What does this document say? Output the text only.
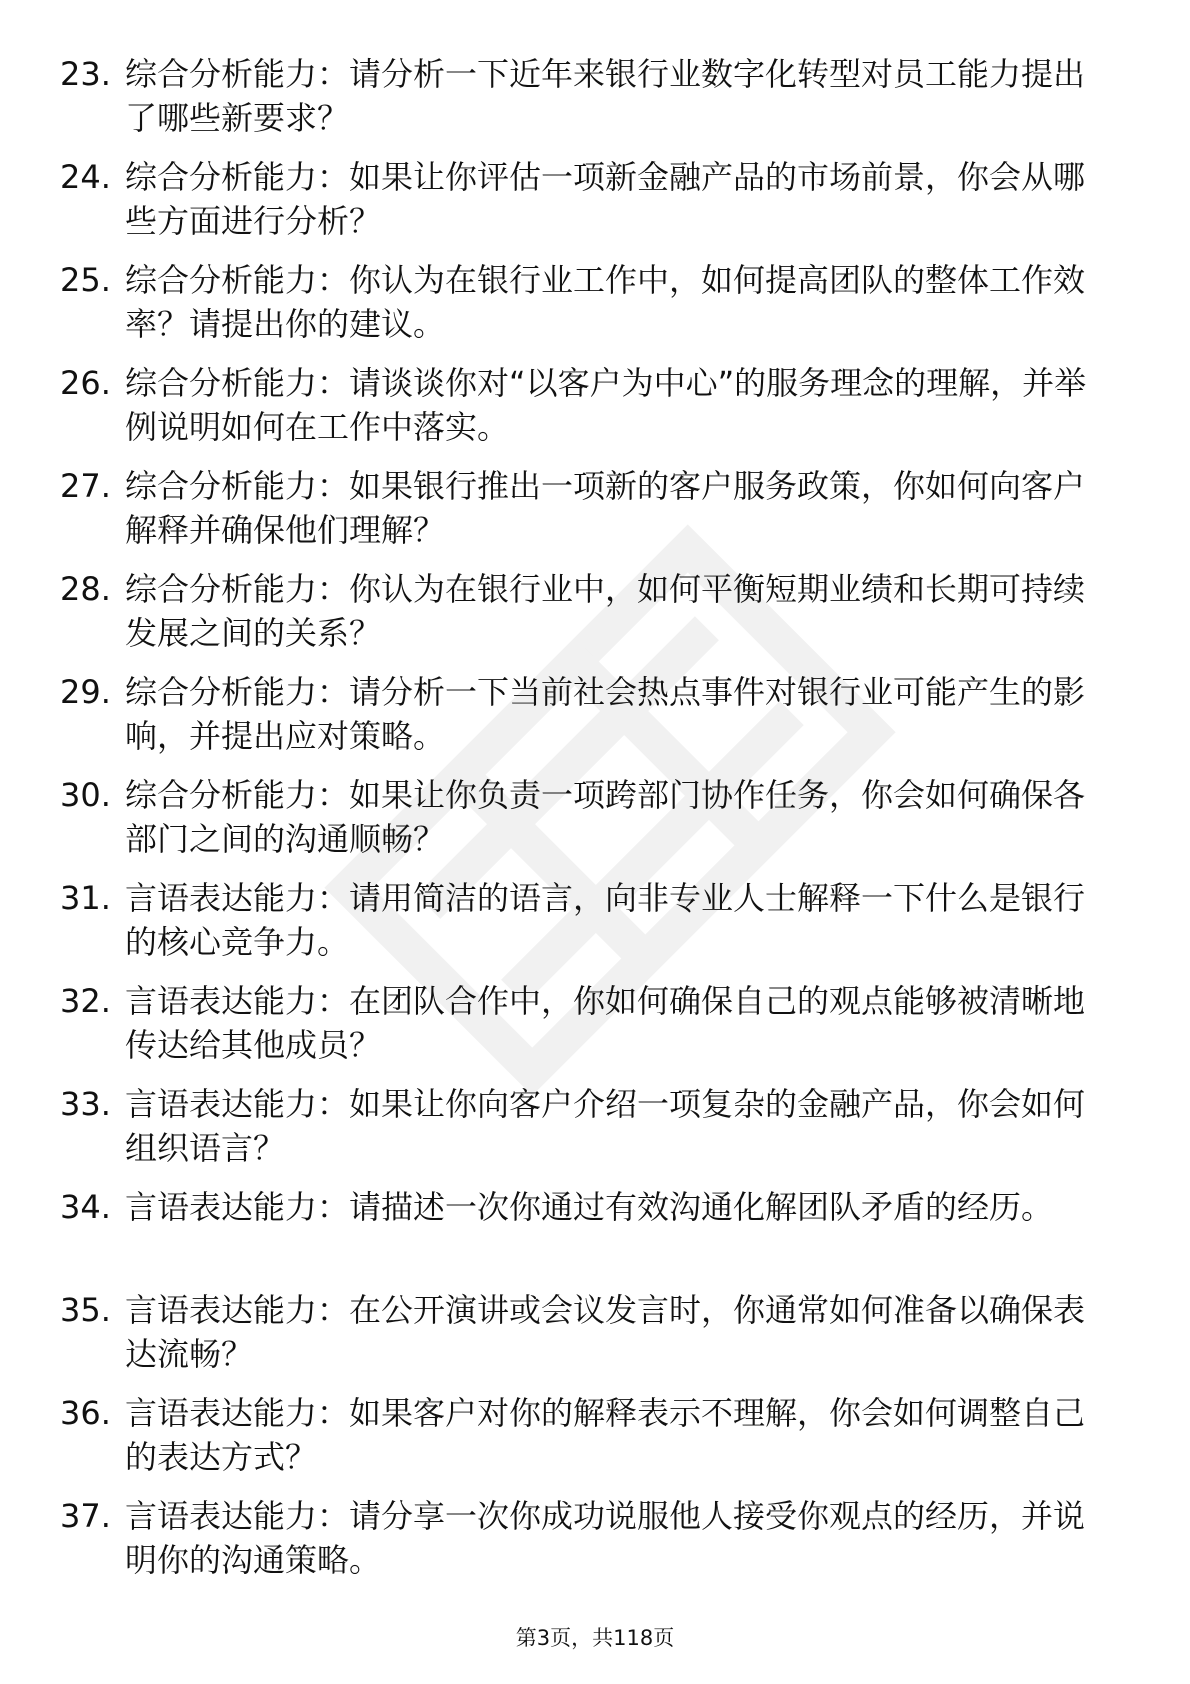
23. 综合分析能力：请分析一下近年来银行业数字化转型对员工能力提出了哪些新要求？
24. 综合分析能力：如果让你评估一项新金融产品的市场前景，你会从哪些方面进行分析？
25. 综合分析能力：你认为在银行业工作中，如何提高团队的整体工作效率？请提出你的建议。
26. 综合分析能力：请谈谈你对“以客户为中心”的服务理念的理解，并举例说明如何在工作中落实。
27. 综合分析能力：如果银行推出一项新的客户服务政策，你如何向客户解释并确保他们理解？
28. 综合分析能力：你认为在银行业中，如何平衡短期业绩和长期可持续发展之间的关系？
29. 综合分析能力：请分析一下当前社会热点事件对银行业可能产生的影响，并提出应对策略。
30. 综合分析能力：如果让你负责一项跨部门协作任务，你会如何确保各部门之间的沟通顺畅？
31. 言语表达能力：请用简洁的语言，向非专业人士解释一下什么是银行的核心竞争力。
32. 言语表达能力：在团队合作中，你如何确保自己的观点能够被清晰地传达给其他成员？
33. 言语表达能力：如果让你向客户介绍一项复杂的金融产品，你会如何组织语言？
34. 言语表达能力：请描述一次你通过有效沟通化解团队矛盾的经历。
35. 言语表达能力：在公开演讲或会议发言时，你通常如何准备以确保表达流畅？
36. 言语表达能力：如果客户对你的解释表示不理解，你会如何调整自己的表达方式？
37. 言语表达能力：请分享一次你成功说服他人接受你观点的经历，并说明你的沟通策略。
第3页，共118页
